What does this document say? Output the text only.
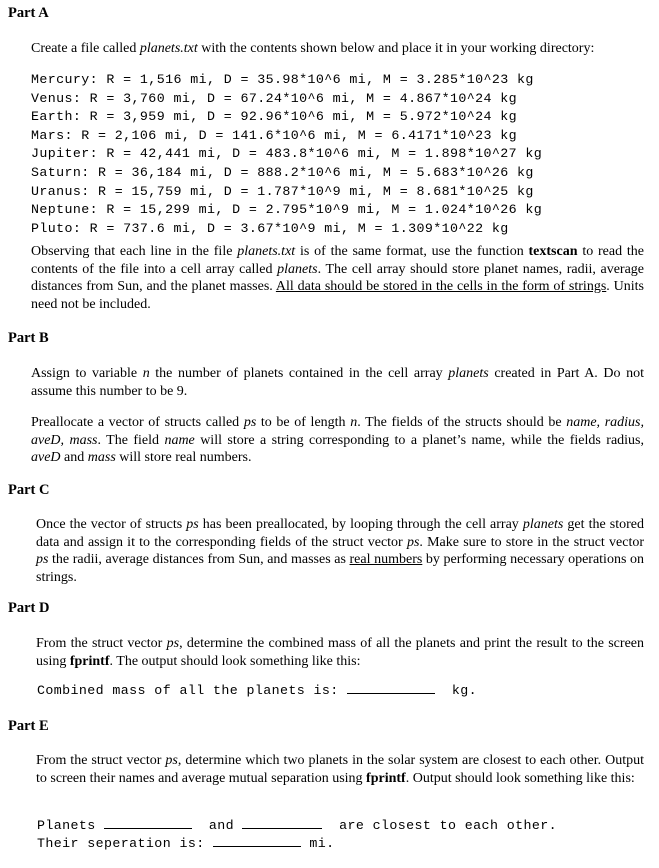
Part A
Create a file called planets.txt with the contents shown below and place it in your working directory:
Mercury: R = 1,516 mi, D = 35.98*10^6 mi, M = 3.285*10^23 kg
Venus: R = 3,760 mi, D = 67.24*10^6 mi, M = 4.867*10^24 kg
Earth: R = 3,959 mi, D = 92.96*10^6 mi, M = 5.972*10^24 kg
Mars: R = 2,106 mi, D = 141.6*10^6 mi, M = 6.4171*10^23 kg
Jupiter: R = 42,441 mi, D = 483.8*10^6 mi, M = 1.898*10^27 kg
Saturn: R = 36,184 mi, D = 888.2*10^6 mi, M = 5.683*10^26 kg
Uranus: R = 15,759 mi, D = 1.787*10^9 mi, M = 8.681*10^25 kg
Neptune: R = 15,299 mi, D = 2.795*10^9 mi, M = 1.024*10^26 kg
Pluto: R = 737.6 mi, D = 3.67*10^9 mi, M = 1.309*10^22 kg
Observing that each line in the file planets.txt is of the same format, use the function textscan to read the contents of the file into a cell array called planets. The cell array should store planet names, radii, average distances from Sun, and the planet masses. All data should be stored in the cells in the form of strings. Units need not be included.
Part B
Assign to variable n the number of planets contained in the cell array planets created in Part A. Do not assume this number to be 9.
Preallocate a vector of structs called ps to be of length n. The fields of the structs should be name, radius, aveD, mass. The field name will store a string corresponding to a planet’s name, while the fields radius, aveD and mass will store real numbers.
Part C
Once the vector of structs ps has been preallocated, by looping through the cell array planets get the stored data and assign it to the corresponding fields of the struct vector ps. Make sure to store in the struct vector ps the radii, average distances from Sun, and masses as real numbers by performing necessary operations on strings.
Part D
From the struct vector ps, determine the combined mass of all the planets and print the result to the screen using fprintf. The output should look something like this:
Combined mass of all the planets is:	kg.
Part E
From the struct vector ps, determine which two planets in the solar system are closest to each other. Output to screen their names and average mutual separation using fprintf. Output should look something like this:
Planets	and	are closest to each other.
Their seperation is:	mi.
